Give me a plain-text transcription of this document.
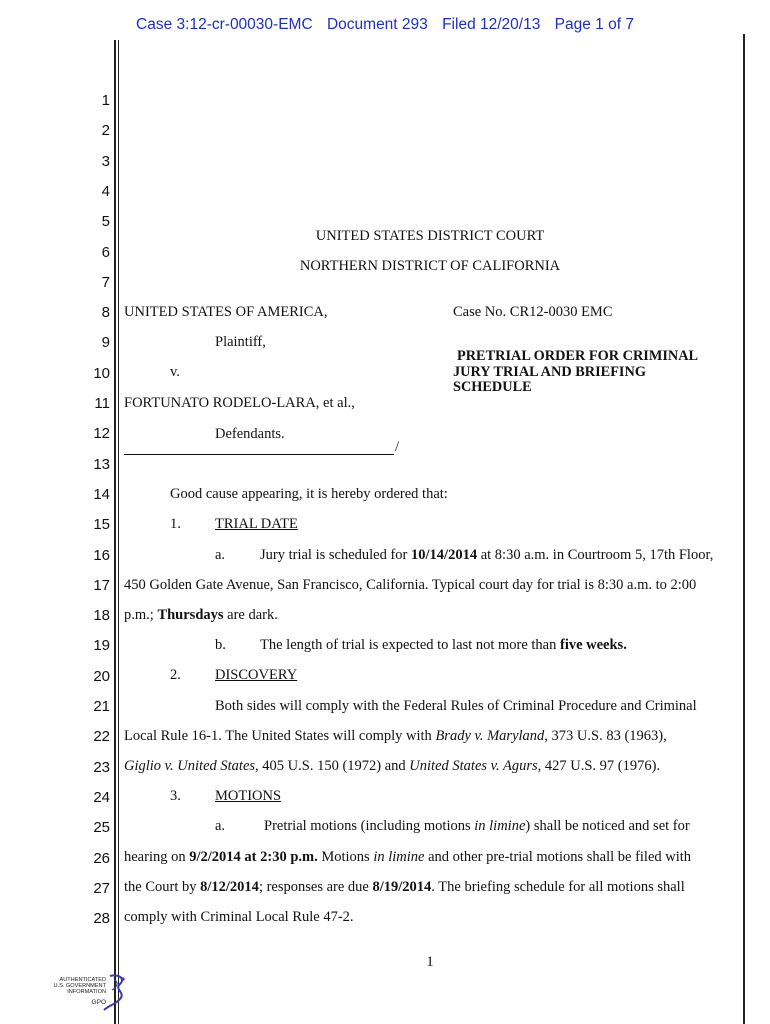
Case 3:12-cr-00030-EMC Document 293 Filed 12/20/13 Page 1 of 7
1
2
3
4
5
6
7
8
9
10
11
12
13
14
15
16
17
18
19
20
21
22
23
24
25
26
27
28
UNITED STATES DISTRICT COURT
NORTHERN DISTRICT OF CALIFORNIA
UNITED STATES OF AMERICA,	Case No. CR12-0030 EMC
Plaintiff,
PRETRIAL ORDER FOR CRIMINAL
JURY TRIAL AND BRIEFING
SCHEDULE
v.
FORTUNATO RODELO-LARA, et al.,
Defendants.
/
Good cause appearing, it is hereby ordered that:
1. TRIAL DATE
a. Jury trial is scheduled for 10/14/2014 at 8:30 a.m. in Courtroom 5, 17th Floor,
450 Golden Gate Avenue, San Francisco, California. Typical court day for trial is 8:30 a.m. to 2:00
p.m.; Thursdays are dark.
b. The length of trial is expected to last not more than five weeks.
2. DISCOVERY
Both sides will comply with the Federal Rules of Criminal Procedure and Criminal
Local Rule 16-1. The United States will comply with Brady v. Maryland, 373 U.S. 83 (1963),
Giglio v. United States, 405 U.S. 150 (1972) and United States v. Agurs, 427 U.S. 97 (1976).
3. MOTIONS
a.	Pretrial motions (including motions in limine) shall be noticed and set for
hearing on 9/2/2014 at 2:30 p.m. Motions in limine and other pre-trial motions shall be filed with
the Court by 8/12/2014; responses are due 8/19/2014. The briefing schedule for all motions shall
comply with Criminal Local Rule 47-2.
1
AUTHENTICATED
U.S. GOVERNMENT
INFORMATION
GPO
